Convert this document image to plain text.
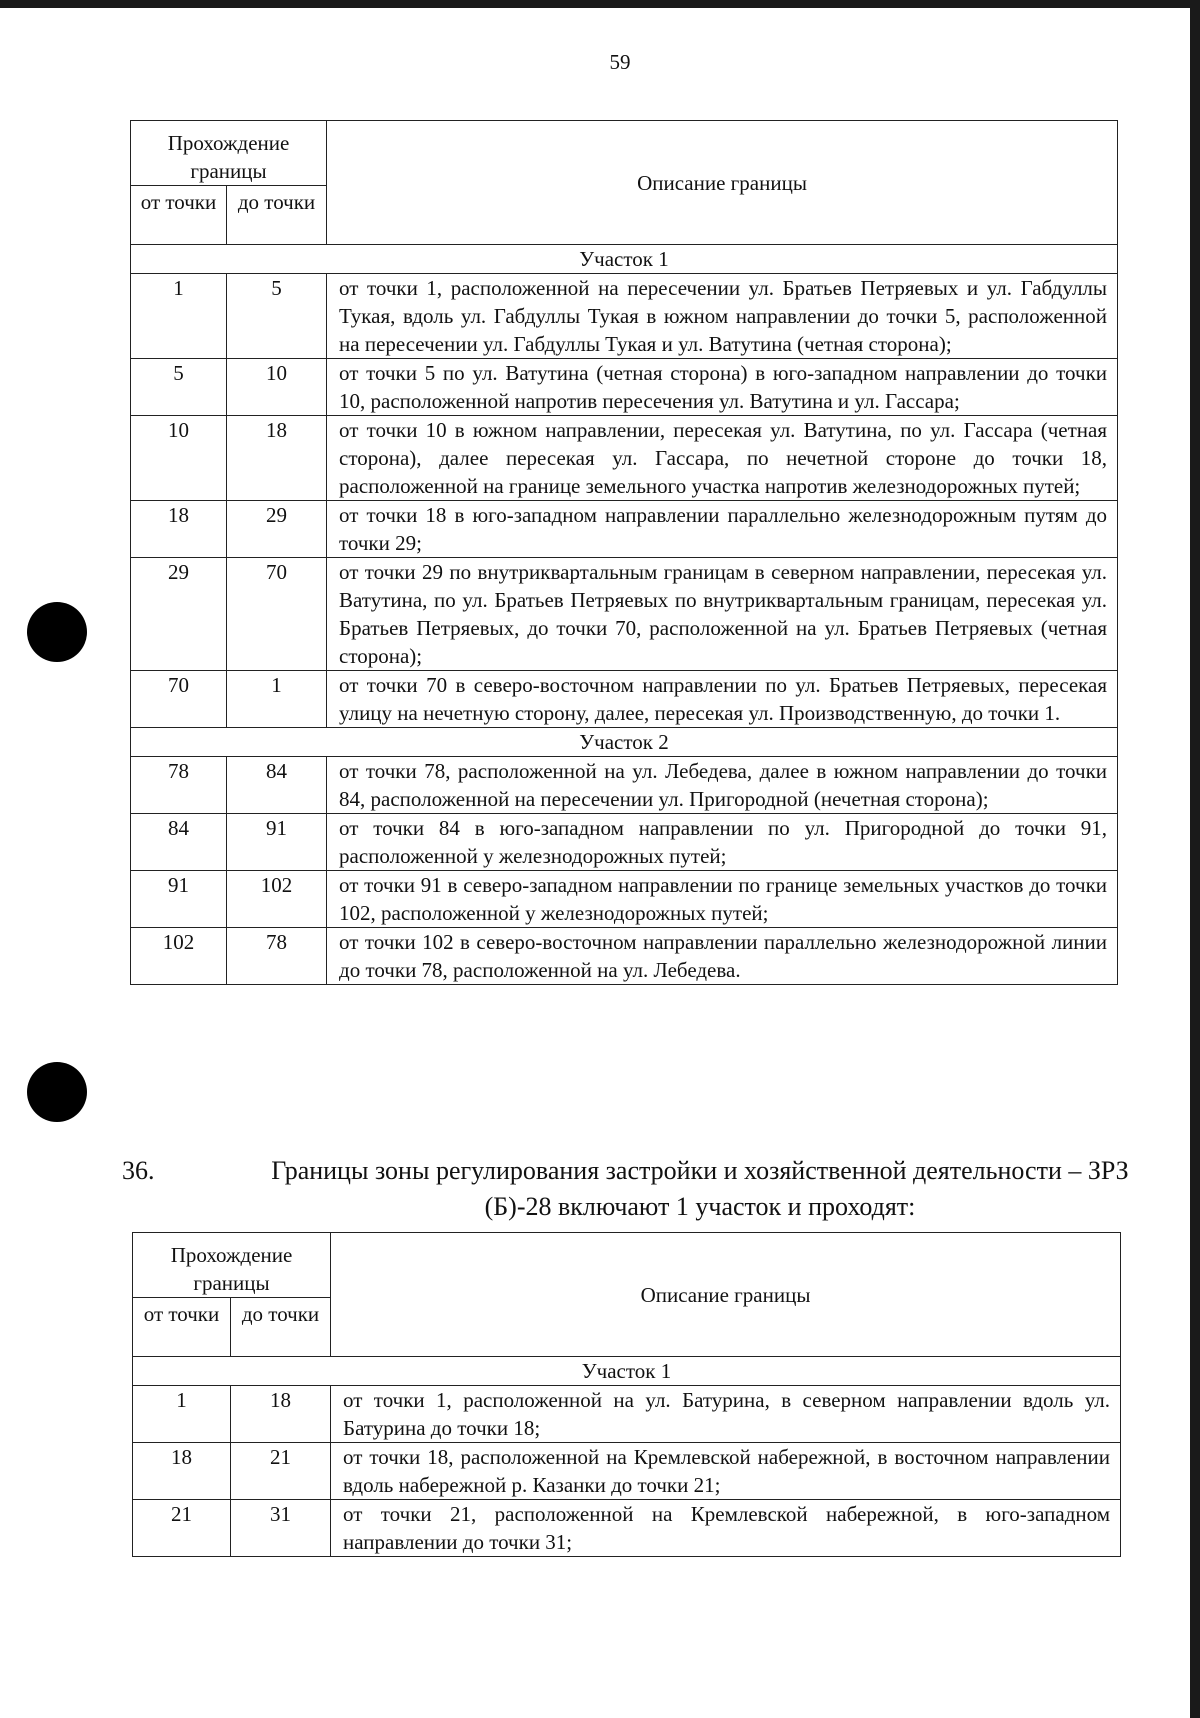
59
Прохождение границы		Описание границы
от точки	до точки	
Участок 1		
1	5	от точки 1, расположенной на пересечении ул. Братьев Петряевых и ул. Габдуллы Тукая, вдоль ул. Габдуллы Тукая в южном направлении до точки 5, расположенной на пересечении ул. Габдуллы Тукая и ул. Ватутина (четная сторона);
5	10	от точки 5 по ул. Ватутина (четная сторона) в юго-западном направлении до точки 10, расположенной напротив пересечения ул. Ватутина и ул. Гассара;
10	18	от точки 10 в южном направлении, пересекая ул. Ватутина, по ул. Гассара (четная сторона), далее пересекая ул. Гассара, по нечетной стороне до точки 18, расположенной на границе земельного участка напротив железнодорожных путей;
18	29	от точки 18 в юго-западном направлении параллельно железнодорожным путям до точки 29;
29	70	от точки 29 по внутриквартальным границам в северном направлении, пересекая ул. Ватутина, по ул. Братьев Петряевых по внутриквартальным границам, пересекая ул. Братьев Петряевых, до точки 70, расположенной на ул. Братьев Петряевых (четная сторона);
70	1	от точки 70 в северо-восточном направлении по ул. Братьев Петряевых, пересекая улицу на нечетную сторону, далее, пересекая ул. Производственную, до точки 1.
Участок 2		
78	84	от точки 78, расположенной на ул. Лебедева, далее в южном направлении до точки 84, расположенной на пересечении ул. Пригородной (нечетная сторона);
84	91	от точки 84 в юго-западном направлении по ул. Пригородной до точки 91, расположенной у железнодорожных путей;
91	102	от точки 91 в северо-западном направлении по границе земельных участков до точки 102, расположенной у железнодорожных путей;
102	78	от точки 102 в северо-восточном направлении параллельно железнодорожной линии до точки 78, расположенной на ул. Лебедева.
36.	Границы зоны регулирования застройки и хозяйственной деятельности – ЗРЗ (Б)-28 включают 1 участок и проходят:
Прохождение границы		Описание границы
от точки	до точки	
Участок 1		
1	18	от точки 1, расположенной на ул. Батурина, в северном направлении вдоль ул. Батурина до точки 18;
18	21	от точки 18, расположенной на Кремлевской набережной, в восточном направлении вдоль набережной р. Казанки до точки 21;
21	31	от точки 21, расположенной на Кремлевской набережной, в юго-западном направлении до точки 31;
